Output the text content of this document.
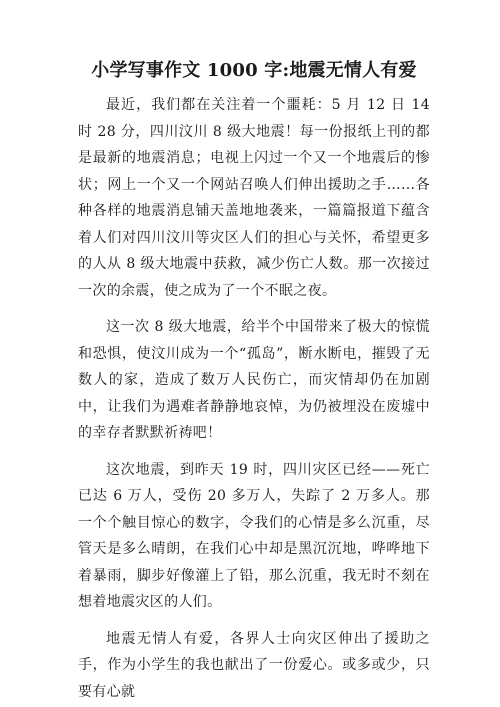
小学写事作文 1000 字:地震无情人有爱

最近，我们都在关注着一个噩耗：5 月 12 日 14 时 28 分，四川汶川 8 级大地震！每一份报纸上刊的都是最新的地震消息；电视上闪过一个又一个地震后的惨状；网上一个又一个网站召唤人们伸出援助之手……各种各样的地震消息铺天盖地地袭来，一篇篇报道下蕴含着人们对四川汶川等灾区人们的担心与关怀，希望更多的人从 8 级大地震中获救，减少伤亡人数。那一次接过一次的余震，使之成为了一个不眠之夜。

这一次 8 级大地震，给半个中国带来了极大的惊慌和恐惧，使汶川成为一个“孤岛”，断水断电，摧毁了无数人的家，造成了数万人民伤亡，而灾情却仍在加剧中，让我们为遇难者静静地哀悼，为仍被埋没在废墟中的幸存者默默祈祷吧！

这次地震，到昨天 19 时，四川灾区已经——死亡已达 6 万人，受伤 20 多万人，失踪了 2 万多人。那一个个触目惊心的数字，令我们的心情是多么沉重，尽管天是多么晴朗，在我们心中却是黑沉沉地，哗哗地下着暴雨，脚步好像灌上了铅，那么沉重，我无时不刻在想着地震灾区的人们。

地震无情人有爱，各界人士向灾区伸出了援助之手，作为小学生的我也献出了一份爱心。或多或少，只要有心就
